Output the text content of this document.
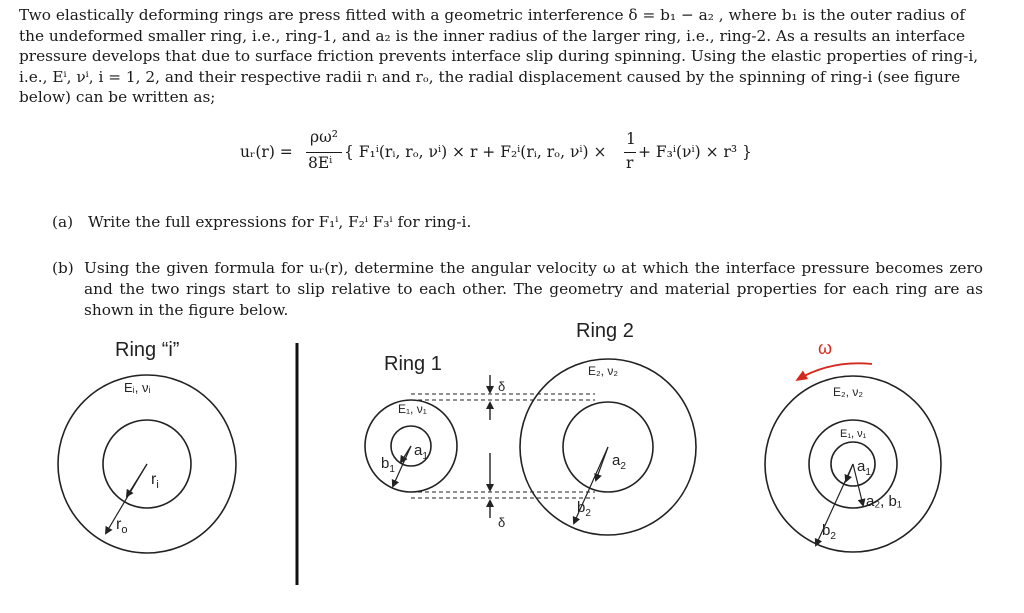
Two elastically deforming rings are press fitted with a geometric interference δ = b₁ − a₂ , where b₁ is the outer radius of
the undeformed smaller ring, i.e., ring-1, and a₂ is the inner radius of the larger ring, i.e., ring-2. As a results an interface
pressure develops that due to surface friction prevents interface slip during spinning. Using the elastic properties of ring-i,
i.e., Eⁱ, νⁱ, i = 1, 2, and their respective radii rᵢ and rₒ, the radial displacement caused by the spinning of ring-i (see figure
below) can be written as;
uᵣ(r) =
ρω²
8Eⁱ
{ F₁ⁱ(rᵢ, rₒ, νⁱ) × r + F₂ⁱ(rᵢ, rₒ, νⁱ) ×
1
r
+ F₃ⁱ(νⁱ) × r³ }
(a) Write the full expressions for F₁ⁱ, F₂ⁱ F₃ⁱ for ring-i.
(b) Using the given formula for uᵣ(r), determine the angular velocity ω at which the interface pressure becomes zero and the two rings start to slip relative to each other. The geometry and material properties for each ring are as shown in the figure below.
Ring “i”
Eᵢ, νᵢ
$r_i$
$r_o$
Ring 1
E₁, ν₁
$a_1$
$b_1$
δ
δ
Ring 2
E₂, ν₂
$a_2$
$b_2$
ω
E₂, ν₂
E₁, ν₁
$a_1$
a₂, b₁
$b_2$
